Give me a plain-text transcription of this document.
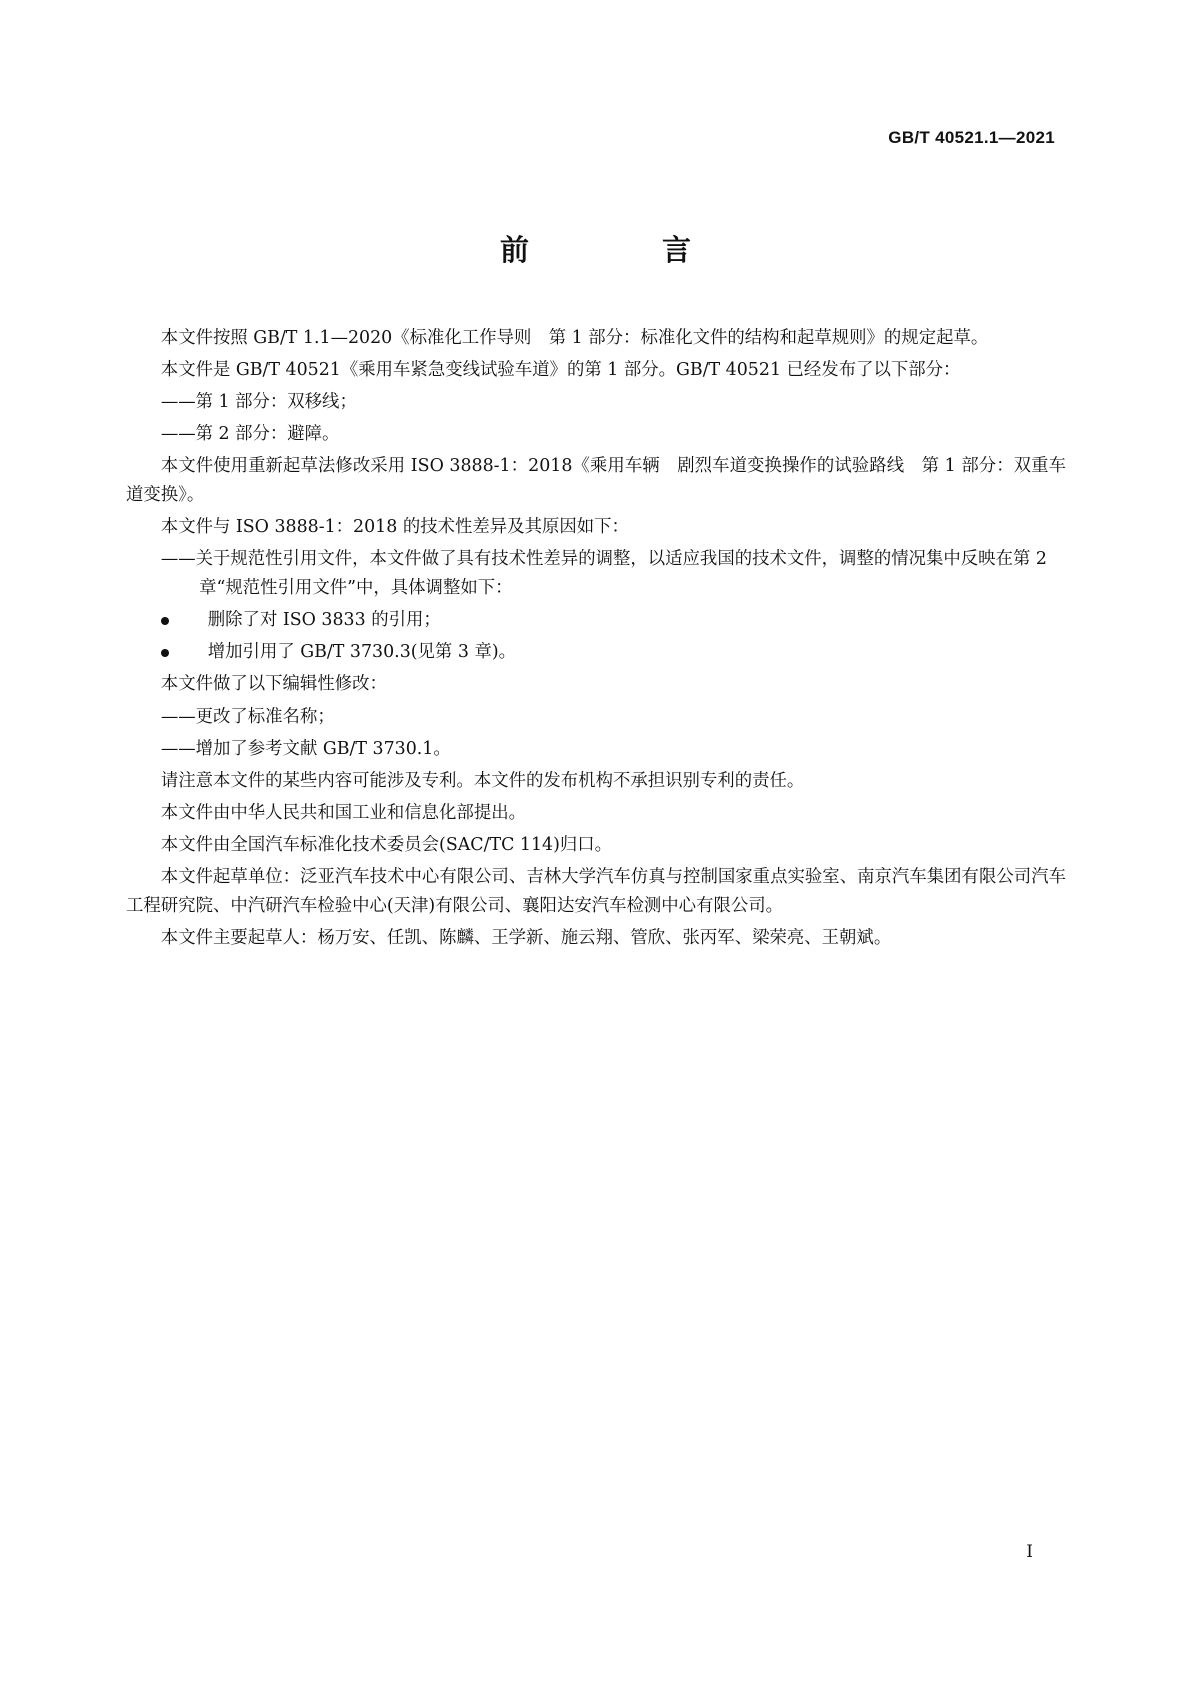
GB/T 40521.1—2021
前　言

本文件按照 GB/T 1.1—2020《标准化工作导则　第 1 部分：标准化文件的结构和起草规则》的规定起草。

本文件是 GB/T 40521《乘用车紧急变线试验车道》的第 1 部分。GB/T 40521 已经发布了以下部分：

——第 1 部分：双移线；

——第 2 部分：避障。

本文件使用重新起草法修改采用 ISO 3888-1：2018《乘用车辆　剧烈车道变换操作的试验路线　第 1 部分：双重车道变换》。

本文件与 ISO 3888-1：2018 的技术性差异及其原因如下：

——关于规范性引用文件，本文件做了具有技术性差异的调整，以适应我国的技术文件，调整的情况集中反映在第 2 章“规范性引用文件”中，具体调整如下：

删除了对 ISO 3833 的引用；
增加引用了 GB/T 3730.3(见第 3 章)。

本文件做了以下编辑性修改：

——更改了标准名称；

——增加了参考文献 GB/T 3730.1。

请注意本文件的某些内容可能涉及专利。本文件的发布机构不承担识别专利的责任。

本文件由中华人民共和国工业和信息化部提出。

本文件由全国汽车标准化技术委员会(SAC/TC 114)归口。

本文件起草单位：泛亚汽车技术中心有限公司、吉林大学汽车仿真与控制国家重点实验室、南京汽车集团有限公司汽车工程研究院、中汽研汽车检验中心(天津)有限公司、襄阳达安汽车检测中心有限公司。

本文件主要起草人：杨万安、任凯、陈麟、王学新、施云翔、管欣、张丙军、梁荣亮、王朝斌。

I
